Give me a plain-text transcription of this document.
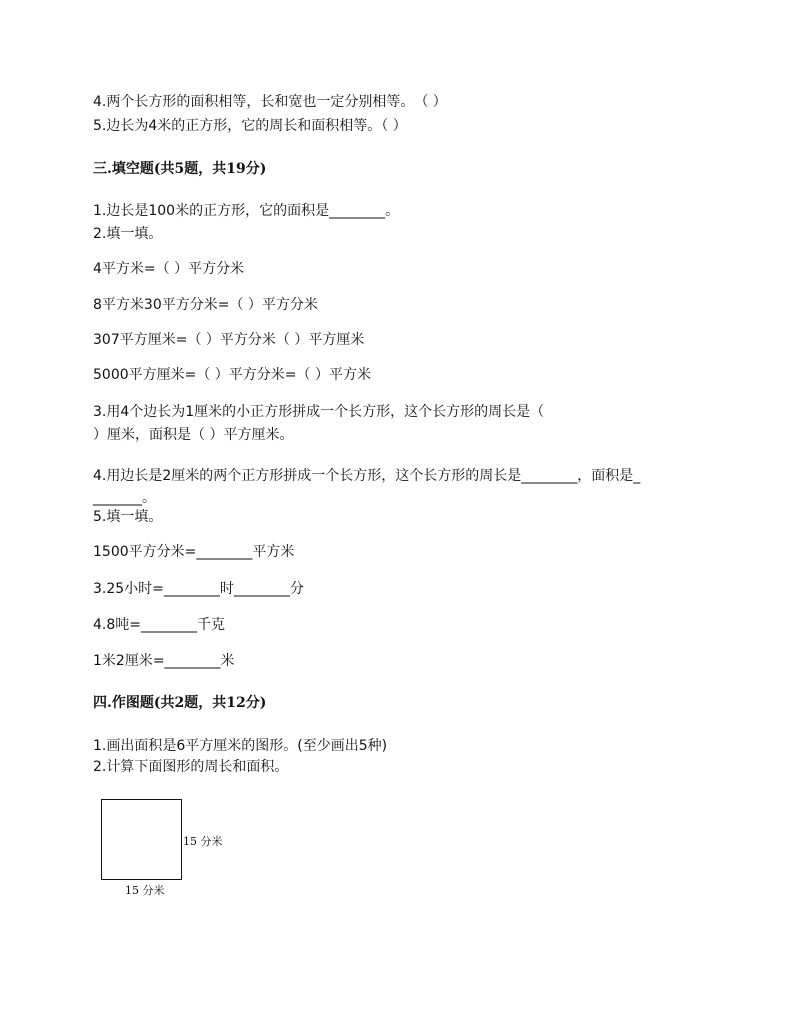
4.两个长方形的面积相等，长和宽也一定分别相等。　（ ）
5.边长为4米的正方形，它的周长和面积相等。（ ）
三.填空题(共5题，共19分)
1.边长是100米的正方形，它的面积是________。
2.填一填。
4平方米=（ ）平方分米
8平方米30平方分米=（ ）平方分米
307平方厘米=（ ）平方分米（ ）平方厘米
5000平方厘米=（ ）平方分米=（ ）平方米
3.用4个边长为1厘米的小正方形拼成一个长方形，这个长方形的周长是（
）厘米，面积是（ ）平方厘米。
4.用边长是2厘米的两个正方形拼成一个长方形，这个长方形的周长是________，面积是_
_______。
5.填一填。
1500平方分米=________平方米
3.25小时=________时________分
4.8吨=________千克
1米2厘米=________米
四.作图题(共2题，共12分)
1.画出面积是6平方厘米的图形。(至少画出5种)
2.计算下面图形的周长和面积。
15 分米
15 分米
